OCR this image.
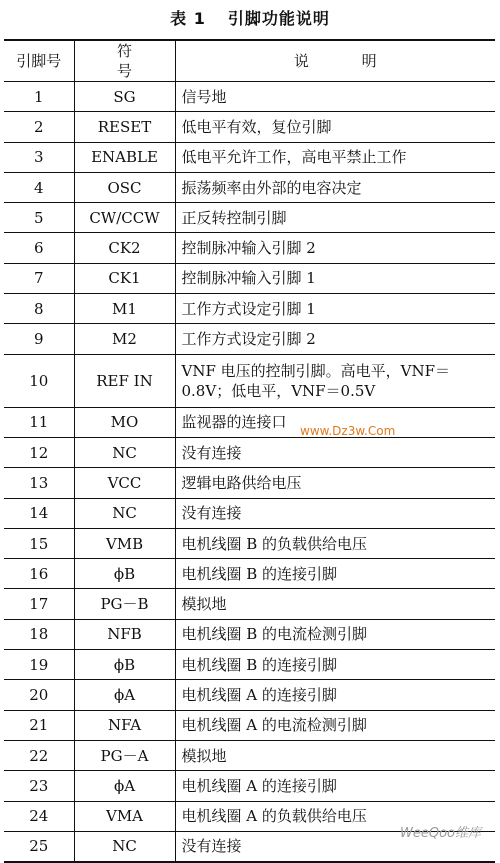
表 1 引脚功能说明
引脚号	符 号	说 明
1	SG	信号地
2	RESET	低电平有效，复位引脚
3	ENABLE	低电平允许工作，高电平禁止工作
4	OSC	振荡频率由外部的电容决定
5	CW/CCW	正反转控制引脚
6	CK2	控制脉冲输入引脚 2
7	CK1	控制脉冲输入引脚 1
8	M1	工作方式设定引脚 1
9	M2	工作方式设定引脚 2
10	REF IN	VNF 电压的控制引脚。高电平，VNF＝0.8V；低电平，VNF＝0.5V
11	MO	监视器的连接口
12	NC	没有连接
13	VCC	逻辑电路供给电压
14	NC	没有连接
15	VMB	电机线圈 B 的负载供给电压
16	ϕB	电机线圈 B 的连接引脚
17	PG－B	模拟地
18	NFB	电机线圈 B 的电流检测引脚
19	ϕB	电机线圈 B 的连接引脚
20	ϕA	电机线圈 A 的连接引脚
21	NFA	电机线圈 A 的电流检测引脚
22	PG－A	模拟地
23	ϕA	电机线圈 A 的连接引脚
24	VMA	电机线圈 A 的负载供给电压
25	NC	没有连接
www.Dz3w.Com
WeeQoo维库
